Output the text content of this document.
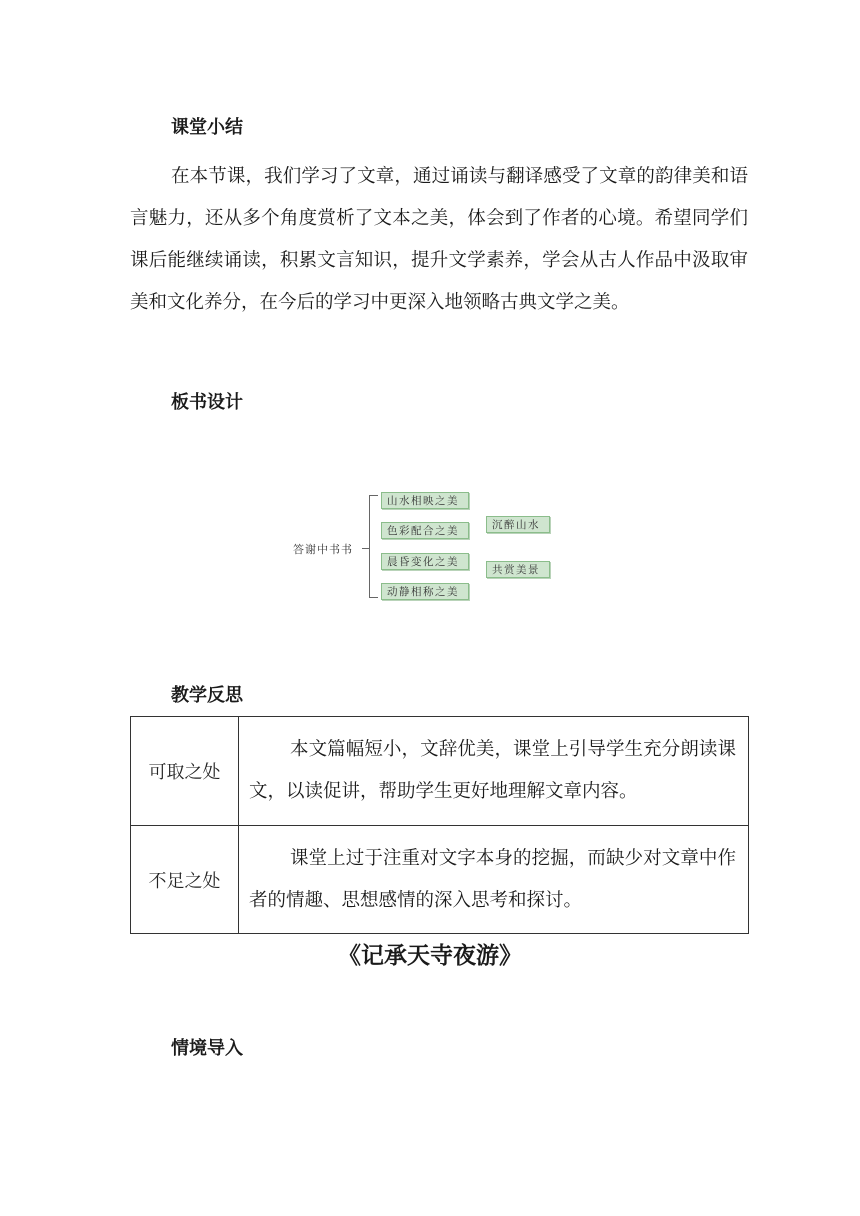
课堂小结

在本节课，我们学习了文章，通过诵读与翻译感受了文章的韵律美和语言魅力，还从多个角度赏析了文本之美，体会到了作者的心境。希望同学们课后能继续诵读，积累文言知识，提升文学素养，学会从古人作品中汲取审美和文化养分，在今后的学习中更深入地领略古典文学之美。

板书设计
答谢中书书
山水相映之美
色彩配合之美
晨昏变化之美
动静相称之美
沉醉山水
共赏美景
教学反思
可取之处	本文篇幅短小，文辞优美，课堂上引导学生充分朗读课文，以读促讲，帮助学生更好地理解文章内容。

不足之处	课堂上过于注重对文字本身的挖掘，而缺少对文章中作者的情趣、思想感情的深入思考和探讨。

《记承天寺夜游》
情境导入
